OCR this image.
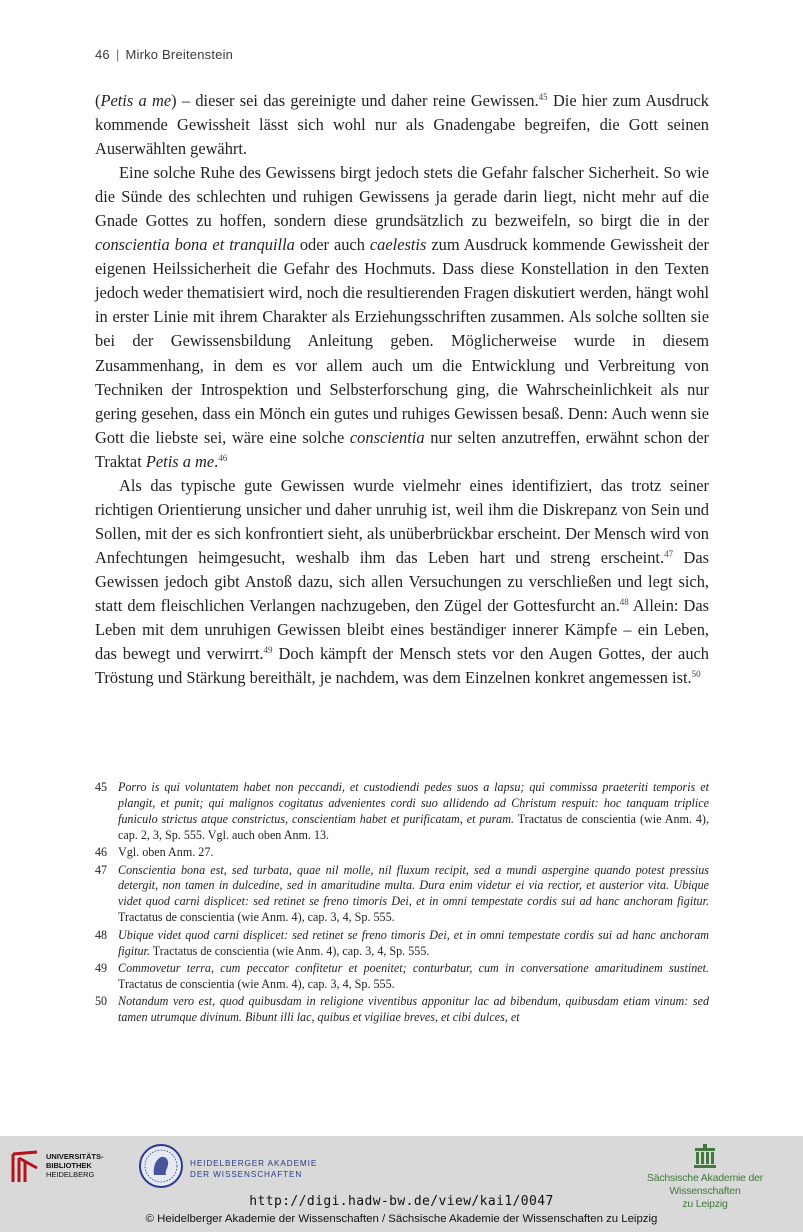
46 | Mirko Breitenstein

(Petis a me) – dieser sei das gereinigte und daher reine Gewissen.$^{45}$ Die hier zum Ausdruck kommende Gewissheit lässt sich wohl nur als Gnadengabe begreifen, die Gott seinen Auserwählten gewährt.

Eine solche Ruhe des Gewissens birgt jedoch stets die Gefahr falscher Sicherheit. So wie die Sünde des schlechten und ruhigen Gewissens ja gerade darin liegt, nicht mehr auf die Gnade Gottes zu hoffen, sondern diese grundsätzlich zu bezweifeln, so birgt die in der conscientia bona et tranquilla oder auch caelestis zum Ausdruck kommende Gewissheit der eigenen Heilssicherheit die Gefahr des Hochmuts. Dass diese Konstellation in den Texten jedoch weder thematisiert wird, noch die resultierenden Fragen diskutiert werden, hängt wohl in erster Linie mit ihrem Charakter als Erziehungsschriften zusammen. Als solche sollten sie bei der Gewissensbildung Anleitung geben. Möglicherweise wurde in diesem Zusammenhang, in dem es vor allem auch um die Entwicklung und Verbreitung von Techniken der Introspektion und Selbsterforschung ging, die Wahrscheinlichkeit als nur gering gesehen, dass ein Mönch ein gutes und ruhiges Gewissen besaß. Denn: Auch wenn sie Gott die liebste sei, wäre eine solche conscientia nur selten anzutreffen, erwähnt schon der Traktat Petis a me.$^{46}$

Als das typische gute Gewissen wurde vielmehr eines identifiziert, das trotz seiner richtigen Orientierung unsicher und daher unruhig ist, weil ihm die Diskrepanz von Sein und Sollen, mit der es sich konfrontiert sieht, als unüberbrückbar erscheint. Der Mensch wird von Anfechtungen heimgesucht, weshalb ihm das Leben hart und streng erscheint.$^{47}$ Das Gewissen jedoch gibt Anstoß dazu, sich allen Versuchungen zu verschließen und legt sich, statt dem fleischlichen Verlangen nachzugeben, den Zügel der Gottesfurcht an.$^{48}$ Allein: Das Leben mit dem unruhigen Gewissen bleibt eines beständiger innerer Kämpfe – ein Leben, das bewegt und verwirrt.$^{49}$ Doch kämpft der Mensch stets vor den Augen Gottes, der auch Tröstung und Stärkung bereithält, je nachdem, was dem Einzelnen konkret angemessen ist.$^{50}$

45 Porro is qui voluntatem habet non peccandi, et custodiendi pedes suos a lapsu; qui commissa praeteriti temporis et plangit, et punit; qui malignos cogitatus advenientes cordi suo allidendo ad Christum respuit: hoc tanquam triplice funiculo strictus atque constrictus, conscientiam habet et purificatam, et puram. Tractatus de conscientia (wie Anm. 4), cap. 2, 3, Sp. 555. Vgl. auch oben Anm. 13.
46 Vgl. oben Anm. 27.
47 Conscientia bona est, sed turbata, quae nil molle, nil fluxum recipit, sed a mundi aspergine quando potest pressius detergit, non tamen in dulcedine, sed in amaritudine multa. Dura enim videtur ei via rectior, et austerior vita. Ubique videt quod carni displicet: sed retinet se freno timoris Dei, et in omni tempestate cordis sui ad hanc anchoram figitur. Tractatus de conscientia (wie Anm. 4), cap. 3, 4, Sp. 555.
48 Ubique videt quod carni displicet: sed retinet se freno timoris Dei, et in omni tempestate cordis sui ad hanc anchoram figitur. Tractatus de conscientia (wie Anm. 4), cap. 3, 4, Sp. 555.
49 Commovetur terra, cum peccator confitetur et poenitet; conturbatur, cum in conversatione amaritudinem sustinet. Tractatus de conscientia (wie Anm. 4), cap. 3, 4, Sp. 555.
50 Notandum vero est, quod quibusdam in religione viventibus apponitur lac ad bibendum, quibusdam etiam vinum: sed tamen utrumque divinum. Bibunt illi lac, quibus et vigiliae breves, et cibi dulces, et
UNIVERSITÄTS-
BIBLIOTHEK
HEIDELBERG
HEIDELBERGER AKADEMIE
DER WISSENSCHAFTEN	Sächsische Akademie der Wissenschaften
zu Leipzig
http://digi.hadw-bw.de/view/kai1/0047
© Heidelberger Akademie der Wissenschaften / Sächsische Akademie der Wissenschaften zu Leipzig
